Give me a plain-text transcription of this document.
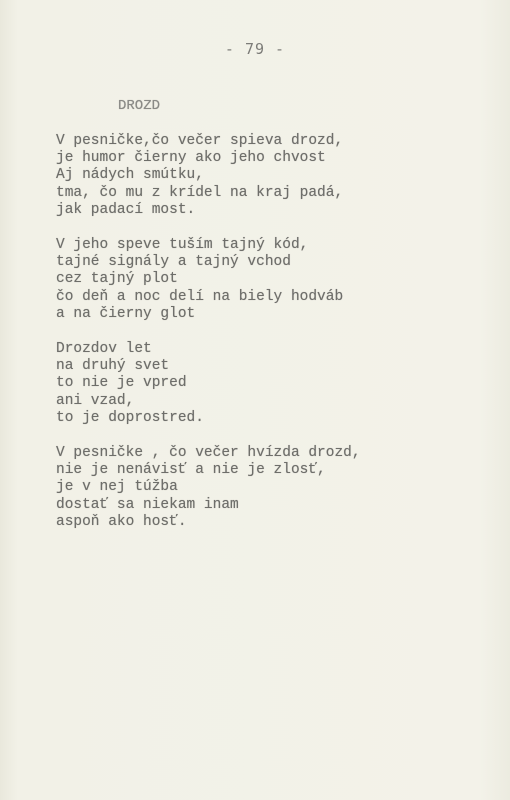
- 79 -
DROZD
V pesničke,čo večer spieva drozd,
je humor čierny ako jeho chvost
Aj nádych smútku,
tma, čo mu z krídel na kraj padá,
jak padací most.
V jeho speve tuším tajný kód,
tajné signály a tajný vchod
cez tajný plot
čo deň a noc delí na biely hodváb
a na čierny glot
Drozdov let
na druhý svet
to nie je vpred
ani vzad,
to je doprostred.
V pesničke , čo večer hvízda drozd,
nie je nenávisť a nie je zlosť,
je v nej túžba
dostať sa niekam inam
aspoň ako hosť.
